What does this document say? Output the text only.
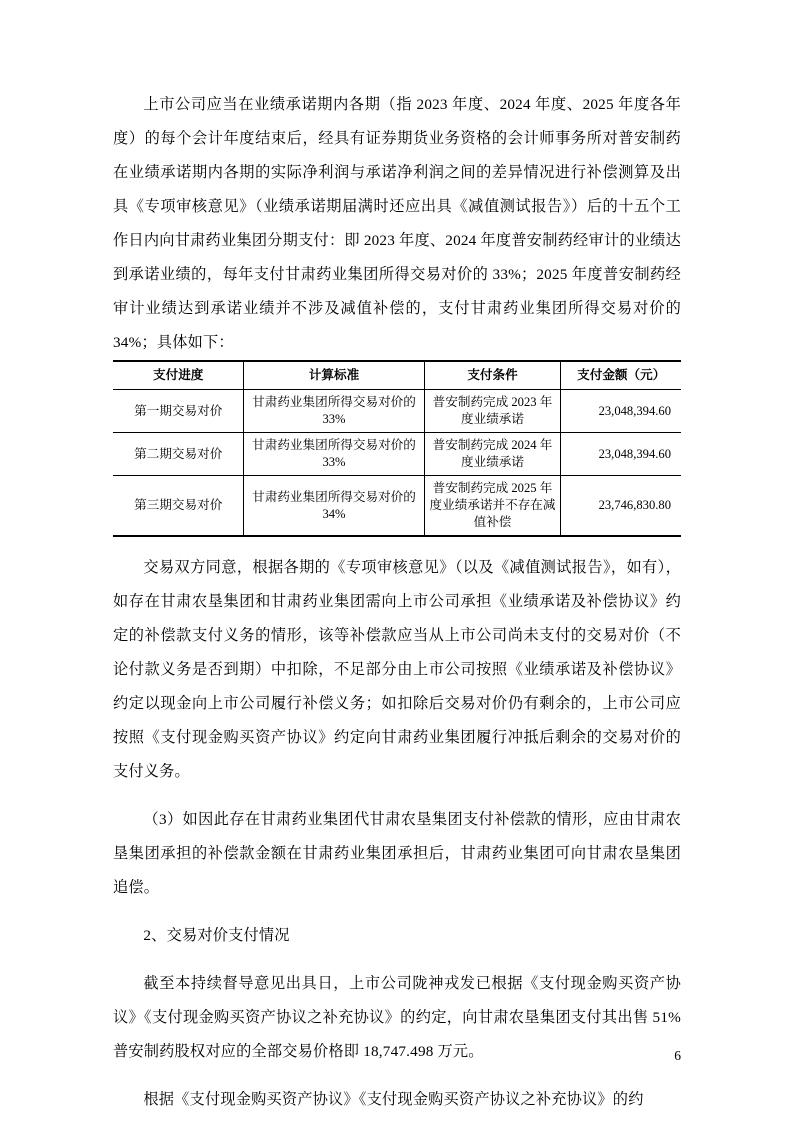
上市公司应当在业绩承诺期内各期（指 2023 年度、2024 年度、2025 年度各年度）的每个会计年度结束后，经具有证券期货业务资格的会计师事务所对普安制药在业绩承诺期内各期的实际净利润与承诺净利润之间的差异情况进行补偿测算及出具《专项审核意见》（业绩承诺期届满时还应出具《减值测试报告》）后的十五个工作日内向甘肃药业集团分期支付：即 2023 年度、2024 年度普安制药经审计的业绩达到承诺业绩的，每年支付甘肃药业集团所得交易对价的 33%；2025 年度普安制药经审计业绩达到承诺业绩并不涉及减值补偿的，支付甘肃药业集团所得交易对价的 34%；具体如下：

支付进度	计算标准	支付条件	支付金额（元）
第一期交易对价	甘肃药业集团所得交易对价的33%	普安制药完成 2023 年度业绩承诺	23,048,394.60
第二期交易对价	甘肃药业集团所得交易对价的33%	普安制药完成 2024 年度业绩承诺	23,048,394.60
第三期交易对价	甘肃药业集团所得交易对价的34%	普安制药完成 2025 年度业绩承诺并不存在减值补偿	23,746,830.80

交易双方同意，根据各期的《专项审核意见》（以及《减值测试报告》，如有），如存在甘肃农垦集团和甘肃药业集团需向上市公司承担《业绩承诺及补偿协议》约定的补偿款支付义务的情形，该等补偿款应当从上市公司尚未支付的交易对价（不论付款义务是否到期）中扣除，不足部分由上市公司按照《业绩承诺及补偿协议》约定以现金向上市公司履行补偿义务；如扣除后交易对价仍有剩余的，上市公司应按照《支付现金购买资产协议》约定向甘肃药业集团履行冲抵后剩余的交易对价的支付义务。

（3）如因此存在甘肃药业集团代甘肃农垦集团支付补偿款的情形，应由甘肃农垦集团承担的补偿款金额在甘肃药业集团承担后，甘肃药业集团可向甘肃农垦集团追偿。

2、交易对价支付情况

截至本持续督导意见出具日，上市公司陇神戎发已根据《支付现金购买资产协议》《支付现金购买资产协议之补充协议》的约定，向甘肃农垦集团支付其出售 51%普安制药股权对应的全部交易价格即 18,747.498 万元。

根据《支付现金购买资产协议》《支付现金购买资产协议之补充协议》的约

6
